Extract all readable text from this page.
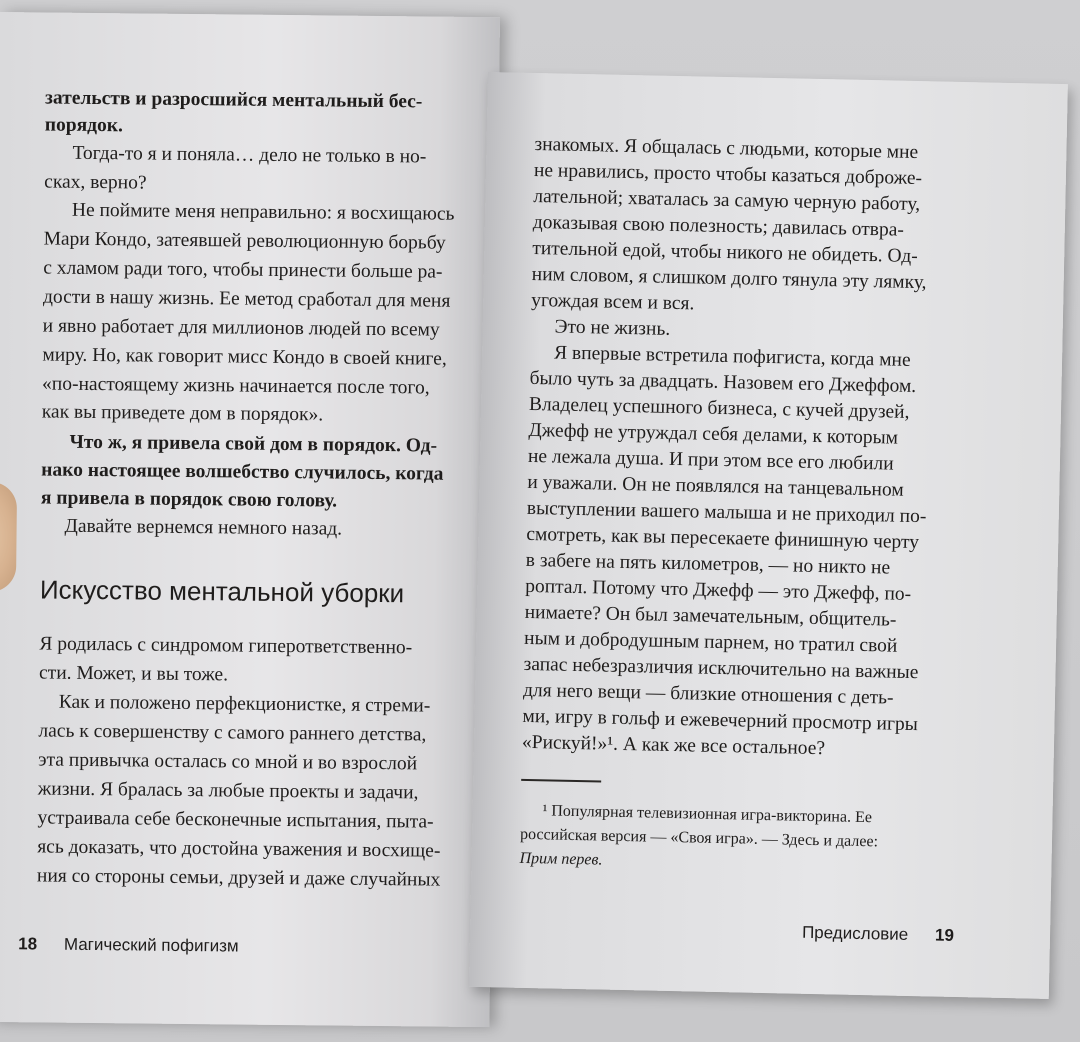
зательств и разросшийся ментальный бес-
порядок.
Тогда-то я и поняла… дело не только в но-
сках, верно?
Не поймите меня неправильно: я восхищаюсь
Мари Кондо, затеявшей революционную борьбу
с хламом ради того, чтобы принести больше ра-
дости в нашу жизнь. Ее метод сработал для меня
и явно работает для миллионов людей по всему
миру. Но, как говорит мисс Кондо в своей книге,
«по-настоящему жизнь начинается после того,
как вы приведете дом в порядок».
Что ж, я привела свой дом в порядок. Од-
нако настоящее волшебство случилось, когда
я привела в порядок свою голову.
Давайте вернемся немного назад.
Искусство ментальной уборки
Я родилась с синдромом гиперответственно-
сти. Может, и вы тоже.
Как и положено перфекционистке, я стреми-
лась к совершенству с самого раннего детства,
эта привычка осталась со мной и во взрослой
жизни. Я бралась за любые проекты и задачи,
устраивала себе бесконечные испытания, пыта-
ясь доказать, что достойна уважения и восхище-
ния со стороны семьи, друзей и даже случайных
18 Магический пофигизм
знакомых. Я общалась с людьми, которые мне
не нравились, просто чтобы казаться доброже-
лательной; хваталась за самую черную работу,
доказывая свою полезность; давилась отвра-
тительной едой, чтобы никого не обидеть. Од-
ним словом, я слишком долго тянула эту лямку,
угождая всем и вся.
Это не жизнь.
Я впервые встретила пофигиста, когда мне
было чуть за двадцать. Назовем его Джеффом.
Владелец успешного бизнеса, с кучей друзей,
Джефф не утруждал себя делами, к которым
не лежала душа. И при этом все его любили
и уважали. Он не появлялся на танцевальном
выступлении вашего малыша и не приходил по-
смотреть, как вы пересекаете финишную черту
в забеге на пять километров, — но никто не
роптал. Потому что Джефф — это Джефф, по-
нимаете? Он был замечательным, общитель-
ным и добродушным парнем, но тратил свой
запас небезразличия исключительно на важные
для него вещи — близкие отношения с деть-
ми, игру в гольф и ежевечерний просмотр игры
«Рискуй!»¹. А как же все остальное?
¹ Популярная телевизионная игра-викторина. Ее
российская версия — «Своя игра». — Здесь и далее:
Прим перев.
Предисловие 19
